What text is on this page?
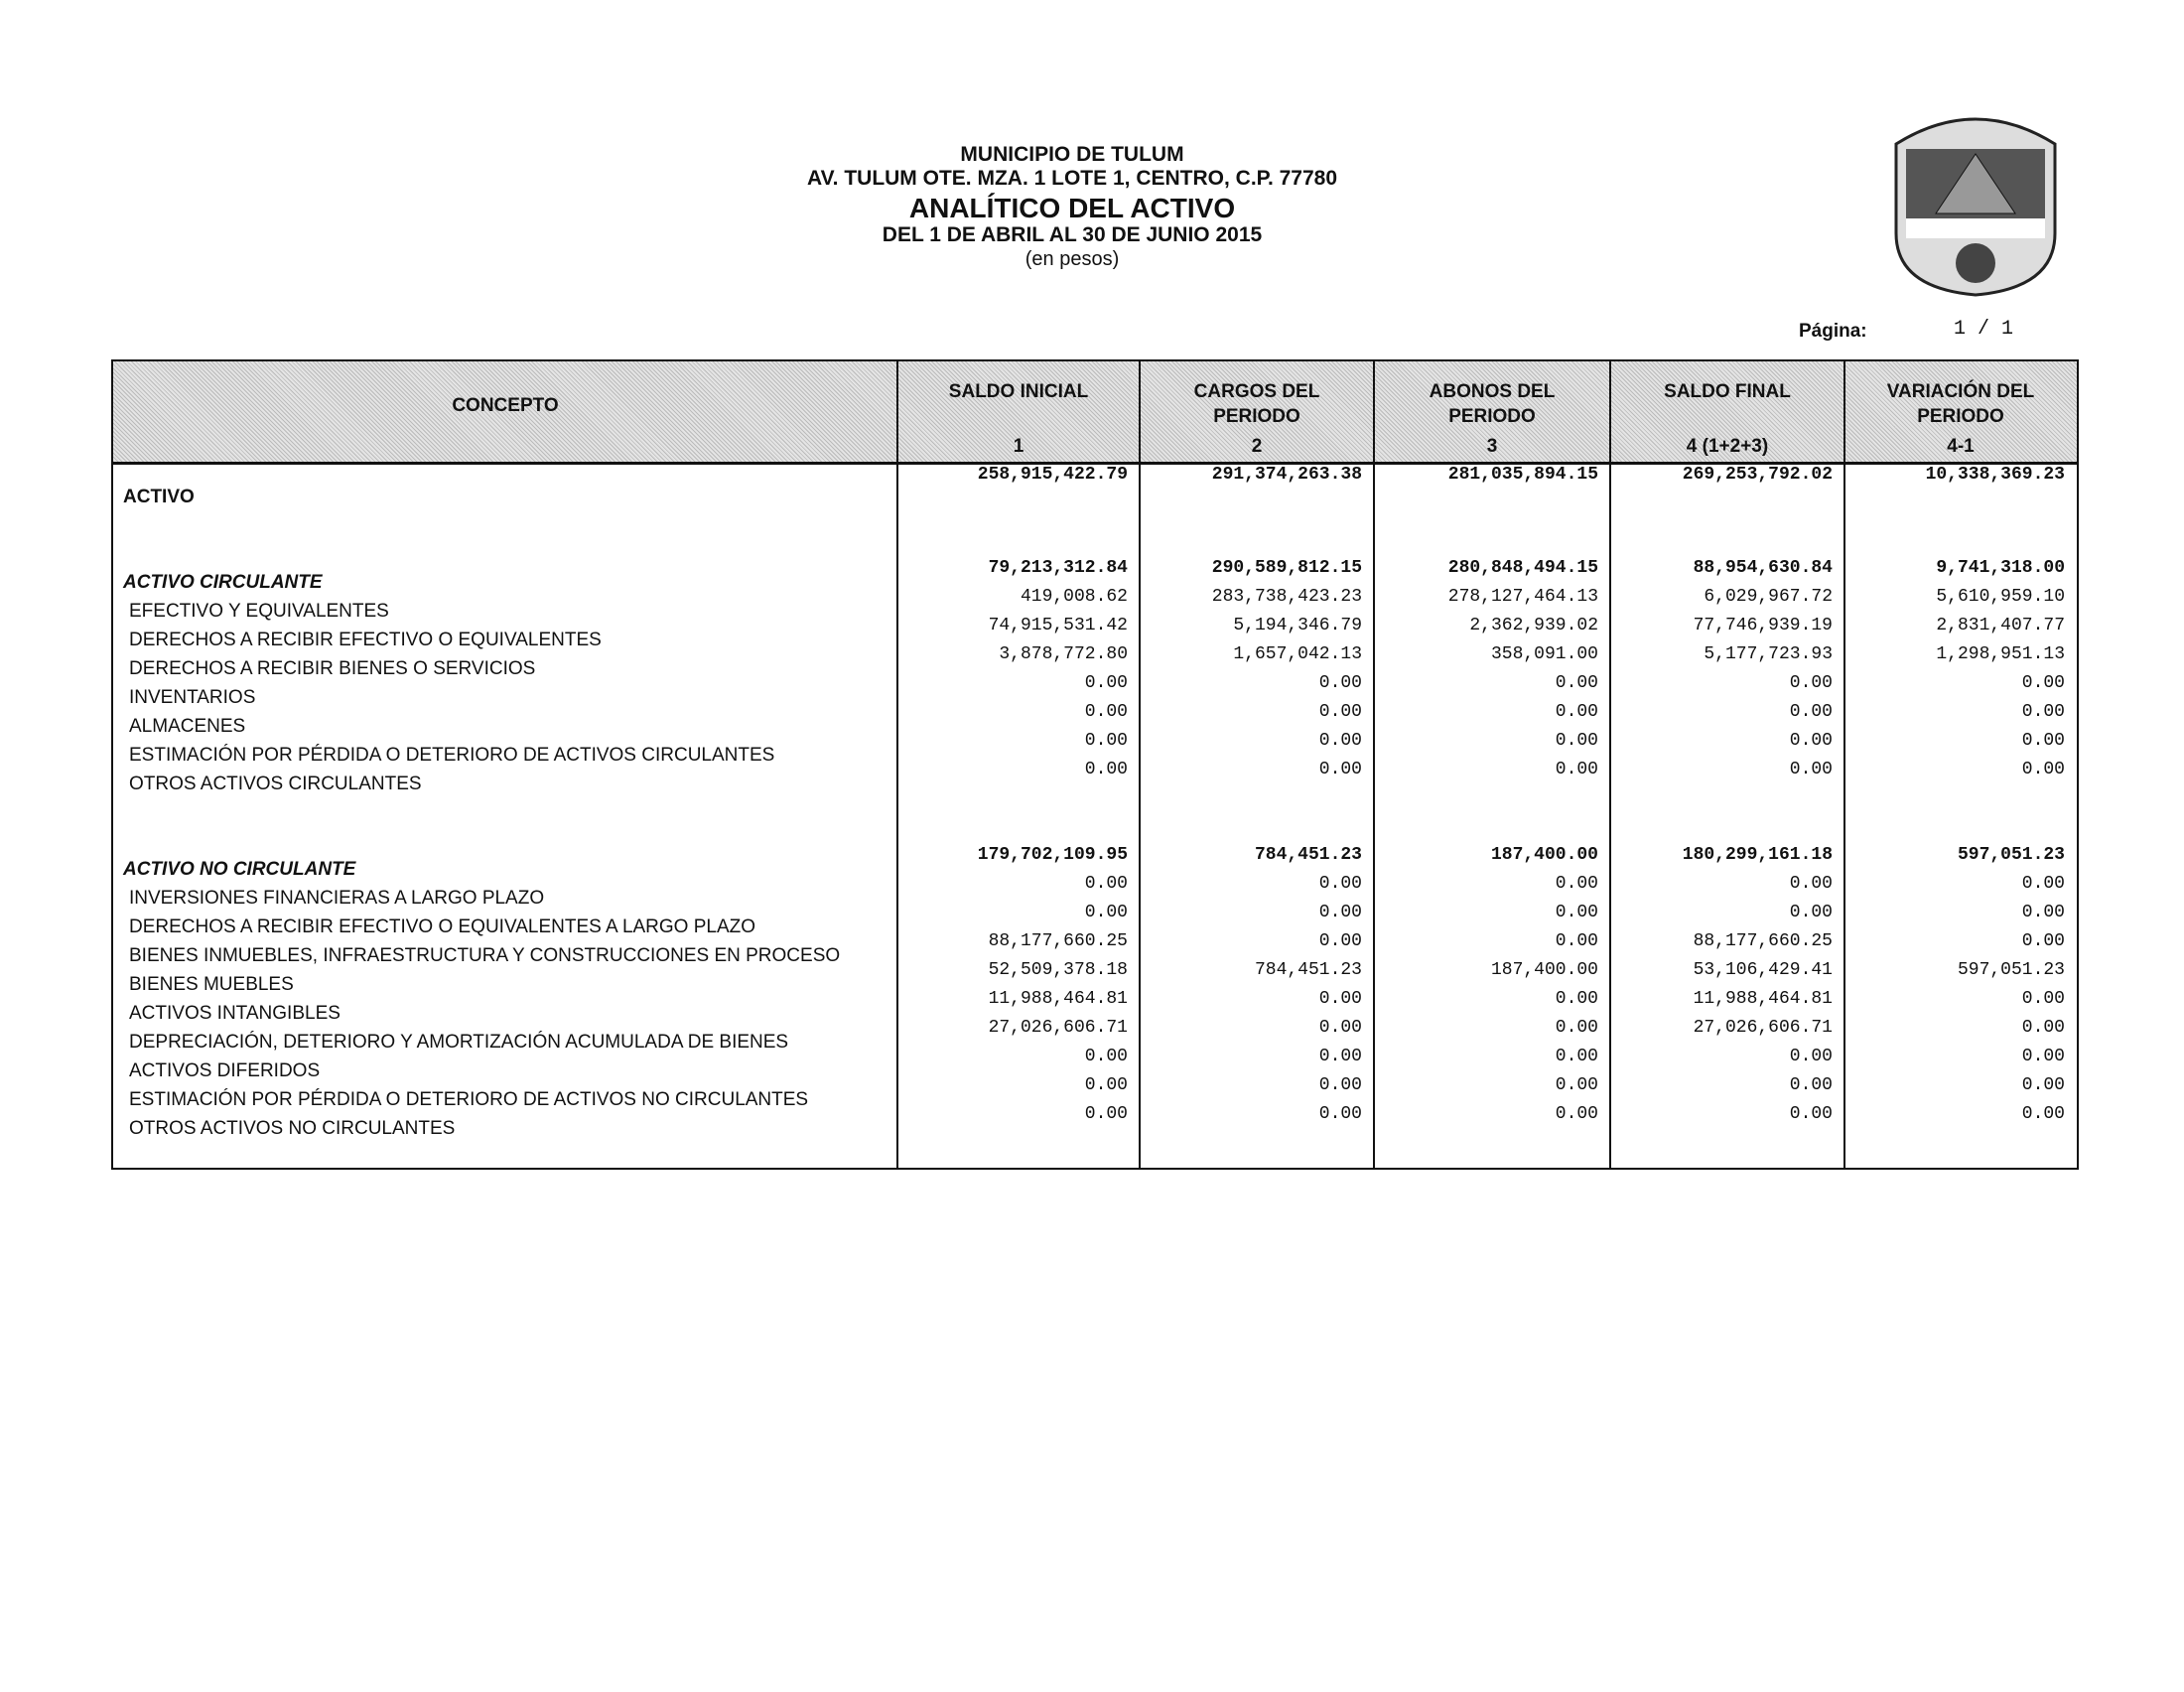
MUNICIPIO DE TULUM
AV. TULUM OTE. MZA. 1 LOTE 1, CENTRO, C.P. 77780
ANALÍTICO DEL ACTIVO
DEL 1 DE ABRIL AL 30 DE JUNIO 2015
(en pesos)
Página:	1 / 1
CONCEPTO
SALDO INICIAL
1
CARGOS DEL PERIODO
2
ABONOS DEL PERIODO
3
SALDO FINAL
4 (1+2+3)
VARIACIÓN DEL PERIODO
4-1
ACTIVO
258,915,422.79	291,374,263.38	281,035,894.15	269,253,792.02	10,338,369.23
ACTIVO CIRCULANTE
79,213,312.84	290,589,812.15	280,848,494.15	88,954,630.84	9,741,318.00
EFECTIVO Y EQUIVALENTES
419,008.62	283,738,423.23	278,127,464.13	6,029,967.72	5,610,959.10
DERECHOS A RECIBIR EFECTIVO O EQUIVALENTES
74,915,531.42	5,194,346.79	2,362,939.02	77,746,939.19	2,831,407.77
DERECHOS A RECIBIR BIENES O SERVICIOS
3,878,772.80	1,657,042.13	358,091.00	5,177,723.93	1,298,951.13
INVENTARIOS
0.00	0.00	0.00	0.00	0.00
ALMACENES
0.00	0.00	0.00	0.00	0.00
ESTIMACIÓN POR PÉRDIDA O DETERIORO DE ACTIVOS CIRCULANTES
0.00	0.00	0.00	0.00	0.00
OTROS ACTIVOS CIRCULANTES
0.00	0.00	0.00	0.00	0.00
ACTIVO NO CIRCULANTE
179,702,109.95	784,451.23	187,400.00	180,299,161.18	597,051.23
INVERSIONES FINANCIERAS A LARGO PLAZO
0.00	0.00	0.00	0.00	0.00
DERECHOS A RECIBIR EFECTIVO O EQUIVALENTES A LARGO PLAZO
0.00	0.00	0.00	0.00	0.00
BIENES INMUEBLES, INFRAESTRUCTURA Y CONSTRUCCIONES EN PROCESO
88,177,660.25	0.00	0.00	88,177,660.25	0.00
BIENES MUEBLES
52,509,378.18	784,451.23	187,400.00	53,106,429.41	597,051.23
ACTIVOS INTANGIBLES
11,988,464.81	0.00	0.00	11,988,464.81	0.00
DEPRECIACIÓN, DETERIORO Y AMORTIZACIÓN ACUMULADA DE BIENES
27,026,606.71	0.00	0.00	27,026,606.71	0.00
ACTIVOS DIFERIDOS
0.00	0.00	0.00	0.00	0.00
ESTIMACIÓN POR PÉRDIDA O DETERIORO DE ACTIVOS NO CIRCULANTES
0.00	0.00	0.00	0.00	0.00
OTROS ACTIVOS NO CIRCULANTES
0.00	0.00	0.00	0.00	0.00
